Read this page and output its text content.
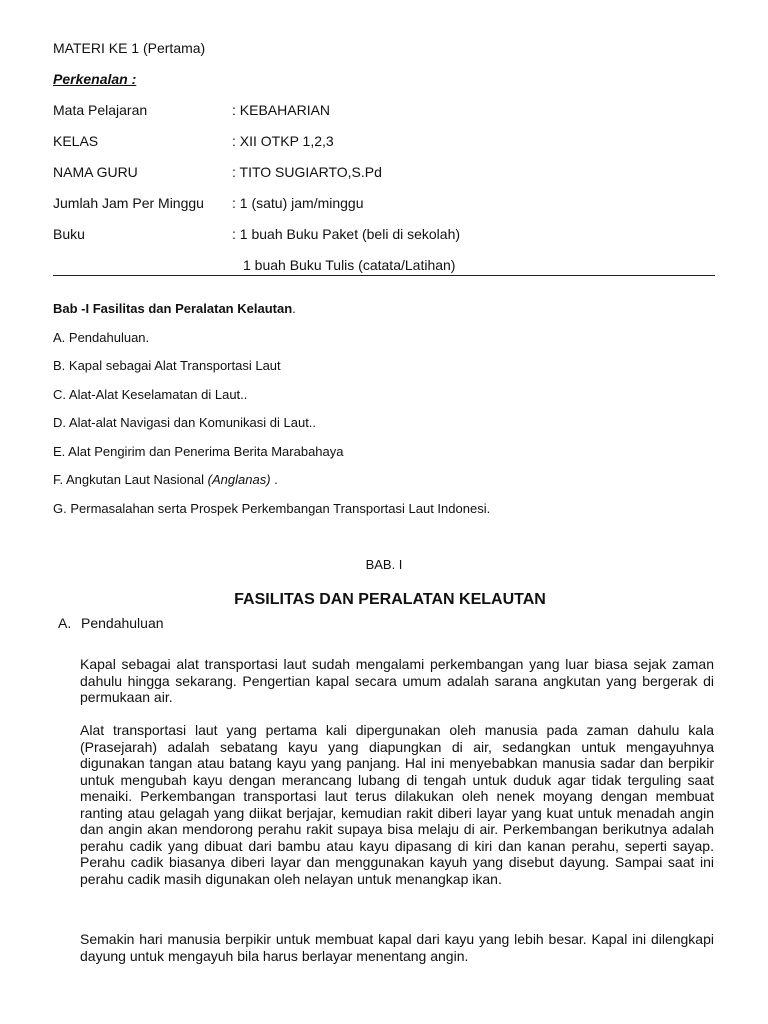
MATERI KE 1 (Pertama)
Perkenalan :
Mata Pelajaran	: KEBAHARIAN
KELAS	: XII OTKP 1,2,3
NAMA GURU	: TITO SUGIARTO,S.Pd
Jumlah Jam Per Minggu : 1 (satu) jam/minggu
Buku	: 1 buah Buku Paket (beli di sekolah)
1 buah Buku Tulis (catata/Latihan)
Bab -I Fasilitas dan Peralatan Kelautan.
A. Pendahuluan.
B. Kapal sebagai Alat Transportasi Laut
C. Alat-Alat Keselamatan di Laut..
D. Alat-alat Navigasi dan Komunikasi di Laut..
E. Alat Pengirim dan Penerima Berita Marabahaya
F. Angkutan Laut Nasional (Anglanas) .
G. Permasalahan serta Prospek Perkembangan Transportasi Laut Indonesi.
BAB. I
FASILITAS DAN PERALATAN KELAUTAN
A. Pendahuluan

Kapal sebagai alat transportasi laut sudah mengalami perkembangan yang luar biasa sejak zaman dahulu hingga sekarang. Pengertian kapal secara umum adalah sarana angkutan yang bergerak di permukaan air.

Alat transportasi laut yang pertama kali dipergunakan oleh manusia pada zaman dahulu kala (Prasejarah) adalah sebatang kayu yang diapungkan di air, sedangkan untuk mengayuhnya digunakan tangan atau batang kayu yang panjang. Hal ini menyebabkan manusia sadar dan berpikir untuk mengubah kayu dengan merancang lubang di tengah untuk duduk agar tidak terguling saat menaiki. Perkembangan transportasi laut terus dilakukan oleh nenek moyang dengan membuat ranting atau gelagah yang diikat berjajar, kemudian rakit diberi layar yang kuat untuk menadah angin dan angin akan mendorong perahu rakit supaya bisa melaju di air. Perkembangan berikutnya adalah perahu cadik yang dibuat dari bambu atau kayu dipasang di kiri dan kanan perahu, seperti sayap. Perahu cadik biasanya diberi layar dan menggunakan kayuh yang disebut dayung. Sampai saat ini perahu cadik masih digunakan oleh nelayan untuk menangkap ikan.

Semakin hari manusia berpikir untuk membuat kapal dari kayu yang lebih besar. Kapal ini dilengkapi dayung untuk mengayuh bila harus berlayar menentang angin.
